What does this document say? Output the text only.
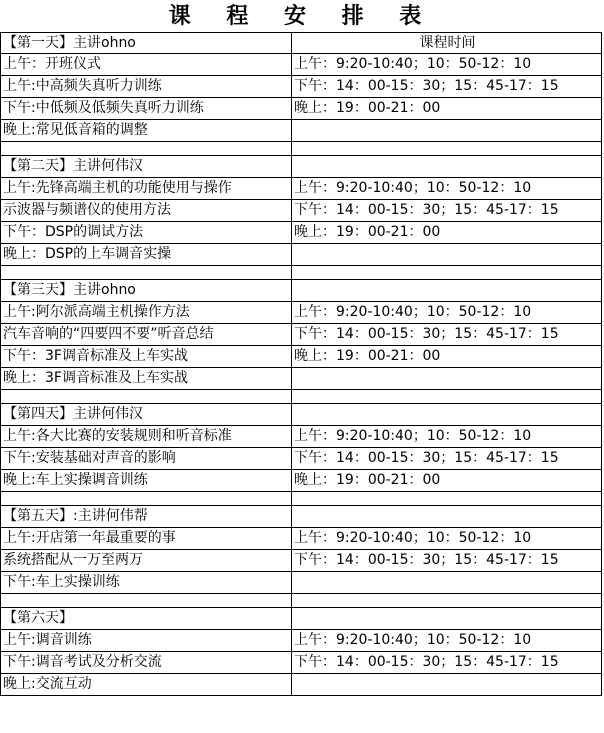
课 程 安 排 表
【第一天】主讲ohno	课程时间
上午：开班仪式	上午：9:20-10:40；10：50-12：10
上午:中高频失真听力训练	下午：14：00-15：30；15：45-17：15
下午:中低频及低频失真听力训练	晚上：19：00-21：00
晚上:常见低音箱的调整
【第二天】主讲何伟汉
上午:先锋高端主机的功能使用与操作	上午：9:20-10:40；10：50-12：10
示波器与频谱仪的使用方法	下午：14：00-15：30；15：45-17：15
下午：DSP的调试方法	晚上：19：00-21：00
晚上：DSP的上车调音实操
【第三天】主讲ohno
上午:阿尔派高端主机操作方法	上午：9:20-10:40；10：50-12：10
汽车音响的“四要四不要”听音总结	下午：14：00-15：30；15：45-17：15
下午：3F调音标准及上车实战	晚上：19：00-21：00
晚上：3F调音标准及上车实战
【第四天】主讲何伟汉
上午:各大比赛的安装规则和听音标准	上午：9:20-10:40；10：50-12：10
下午:安装基础对声音的影响	下午：14：00-15：30；15：45-17：15
晚上:车上实操调音训练	晚上：19：00-21：00
【第五天】:主讲何伟帮
上午:开店第一年最重要的事	上午：9:20-10:40；10：50-12：10
系统搭配从一万至两万	下午：14：00-15：30；15：45-17：15
下午:车上实操训练
【第六天】
上午:调音训练	上午：9:20-10:40；10：50-12：10
下午:调音考试及分析交流	下午：14：00-15：30；15：45-17：15
晚上:交流互动
